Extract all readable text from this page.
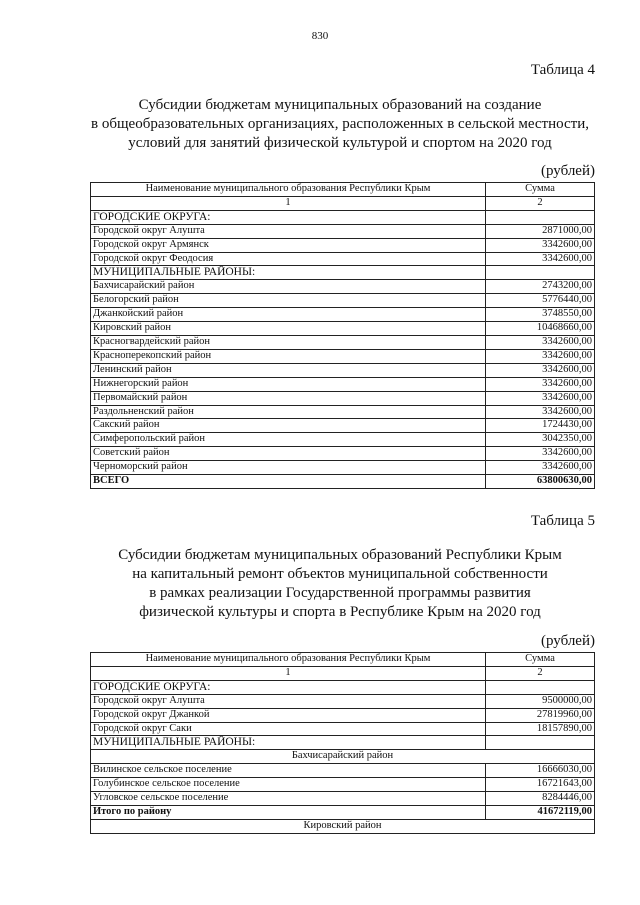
830
Таблица 4
Субсидии бюджетам муниципальных образований на создание
в общеобразовательных организациях, расположенных в сельской местности,
условий для занятий физической культурой и спортом на 2020 год
(рублей)
Наименование муниципального образования Республики Крым	Сумма
1	2
ГОРОДСКИЕ ОКРУГА:	
Городской округ Алушта	2871000,00
Городской округ Армянск	3342600,00
Городской округ Феодосия	3342600,00
МУНИЦИПАЛЬНЫЕ РАЙОНЫ:	
Бахчисарайский район	2743200,00
Белогорский район	5776440,00
Джанкойский район	3748550,00
Кировский район	10468660,00
Красногвардейский район	3342600,00
Красноперекопский район	3342600,00
Ленинский район	3342600,00
Нижнегорский район	3342600,00
Первомайский район	3342600,00
Раздольненский район	3342600,00
Сакский район	1724430,00
Симферопольский район	3042350,00
Советский район	3342600,00
Черноморский район	3342600,00
ВСЕГО	63800630,00
Таблица 5
Субсидии бюджетам муниципальных образований Республики Крым
на капитальный ремонт объектов муниципальной собственности
в рамках реализации Государственной программы развития
физической культуры и спорта в Республике Крым на 2020 год
(рублей)
Наименование муниципального образования Республики Крым	Сумма
1	2
ГОРОДСКИЕ ОКРУГА:	
Городской округ Алушта	9500000,00
Городской округ Джанкой	27819960,00
Городской округ Саки	18157890,00
МУНИЦИПАЛЬНЫЕ РАЙОНЫ:	
Бахчисарайский район	
Вилинское сельское поселение	16666030,00
Голубинское сельское поселение	16721643,00
Угловское сельское поселение	8284446,00
Итого по району	41672119,00
Кировский район	
